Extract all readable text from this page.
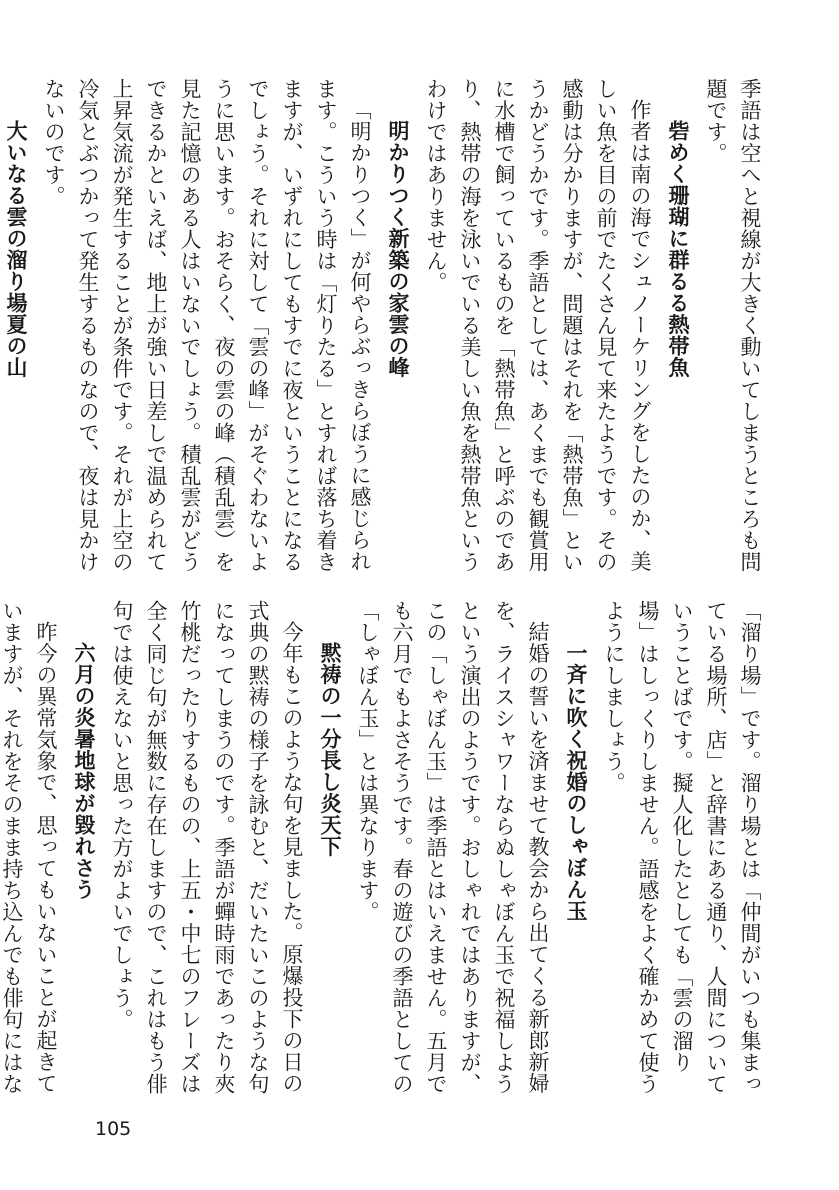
季語は空へと視線が大きく動いてしまうところも問題です。
砦めく珊瑚に群るる熱帯魚
作者は南の海でシュノーケリングをしたのか、美しい魚を目の前でたくさん見て来たようです。その感動は分かりますが、問題はそれを「熱帯魚」というかどうかです。季語としては、あくまでも観賞用に水槽で飼っているものを「熱帯魚」と呼ぶのであり、熱帯の海を泳いでいる美しい魚を熱帯魚というわけではありません。
明かりつく新築の家雲の峰
「明かりつく」が何やらぶっきらぼうに感じられます。こういう時は「灯りたる」とすれば落ち着きますが、いずれにしてもすでに夜ということになるでしょう。それに対して「雲の峰」がそぐわないように思います。おそらく、夜の雲の峰（積乱雲）を見た記憶のある人はいないでしょう。積乱雲がどうできるかといえば、地上が強い日差しで温められて上昇気流が発生することが条件です。それが上空の冷気とぶつかって発生するものなので、夜は見かけないのです。
大いなる雲の溜り場夏の山
「溜り場」です。溜り場とは「仲間がいつも集まっている場所、店」と辞書にある通り、人間についていうことばです。擬人化したとしても「雲の溜り場」はしっくりしません。語感をよく確かめて使うようにしましょう。
一斉に吹く祝婚のしゃぼん玉
結婚の誓いを済ませて教会から出てくる新郎新婦を、ライスシャワーならぬしゃぼん玉で祝福しようという演出のようです。おしゃれではありますが、この「しゃぼん玉」は季語とはいえません。五月でも六月でもよさそうです。春の遊びの季語としての「しゃぼん玉」とは異なります。
黙祷の一分長し炎天下
今年もこのような句を見ました。原爆投下の日の式典の黙祷の様子を詠むと、だいたいこのような句になってしまうのです。季語が蟬時雨であったり夾竹桃だったりするものの、上五・中七のフレーズは全く同じ句が無数に存在しますので、これはもう俳句では使えないと思った方がよいでしょう。
六月の炎暑地球が毀れさう
昨今の異常気象で、思ってもいないことが起きていますが、それをそのまま持ち込んでも俳句にはな
105
